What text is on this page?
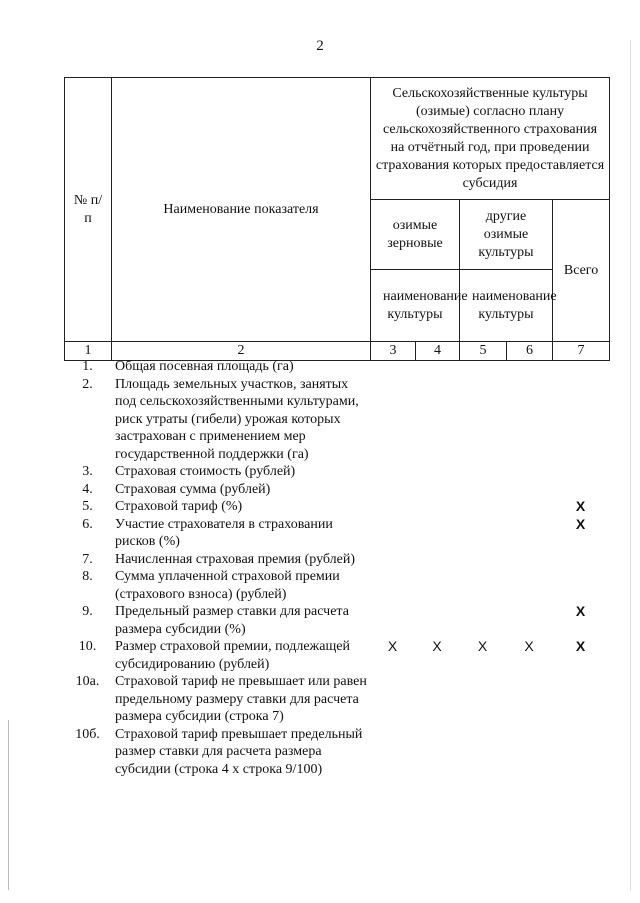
2
№ п/п	Наименование показателя	Сельскохозяйственные культуры (озимые) согласно плану сельскохозяйственного страхования на отчётный год, при проведении страхования которых предоставляется субсидия				
		озимые зерновые		другие озимые культуры		Всего
		наименование культуры		наименование культуры		
1	2	3	4	5	6	7
1.	Общая посевная площадь (га)					
2.	Площадь земельных участков, занятых под сельскохозяйственными культурами, риск утраты (гибели) урожая которых застрахован с применением мер государственной поддержки (га)					
3.	Страховая стоимость (рублей)					
4.	Страховая сумма (рублей)					
5.	Страховой тариф (%)					X
6.	Участие страхователя в страховании рисков (%)					X
7.	Начисленная страховая премия (рублей)					
8.	Сумма уплаченной страховой премии (страхового взноса) (рублей)					
9.	Предельный размер ставки для расчета размера субсидии (%)					X
10.	Размер страховой премии, подлежащей субсидированию (рублей)	X	X	X	X	X
10а.	Страховой тариф не превышает или равен предельному размеру ставки для расчета размера субсидии (строка 7)					
10б.	Страховой тариф превышает предельный размер ставки для расчета размера субсидии (строка 4 х строка 9/100)					
